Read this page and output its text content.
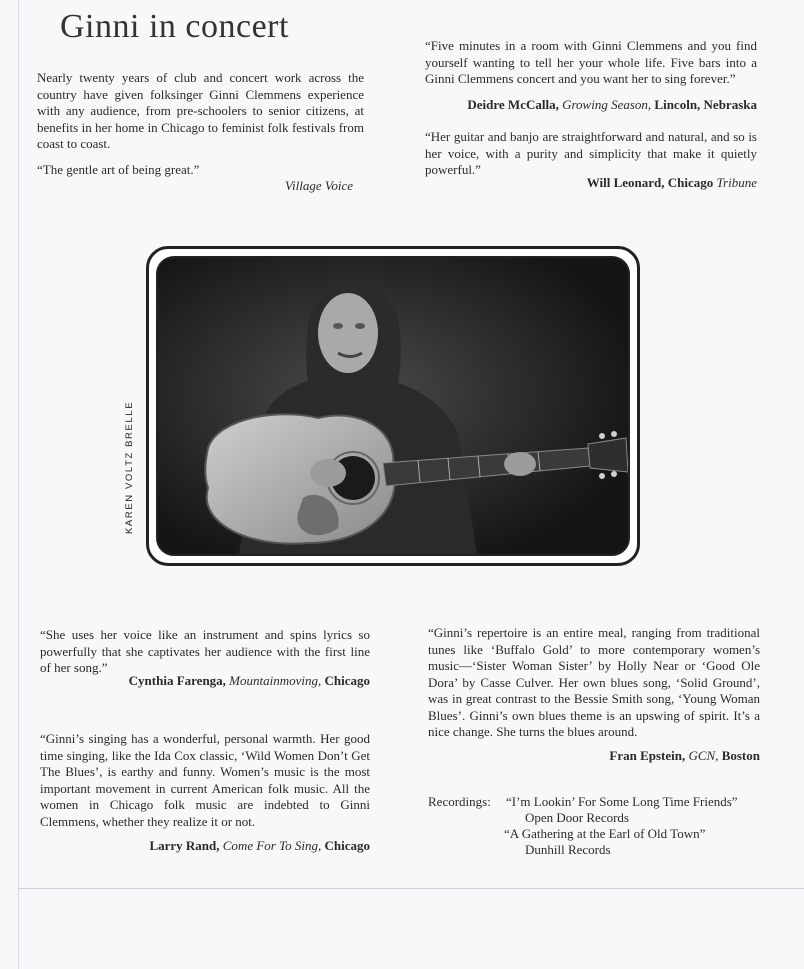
Ginni in concert

Nearly twenty years of club and concert work across the country have given folksinger Ginni Clemmens experience with any audience, from pre-schoolers to senior citizens, at benefits in her home in Chicago to feminist folk festivals from coast to coast.

“The gentle art of being great.”

Village Voice

“Five minutes in a room with Ginni Clemmens and you find yourself wanting to tell her your whole life. Five bars into a Ginni Clemmens concert and you want her to sing forever.”

Deidre McCalla, Growing Season, Lincoln, Nebraska

“Her guitar and banjo are straightforward and natural, and so is her voice, with a purity and simplicity that make it quietly powerful.”

Will Leonard, Chicago Tribune

KAREN VOLTZ BRELLE

“She uses her voice like an instrument and spins lyrics so powerfully that she captivates her audience with the first line of her song.”

Cynthia Farenga, Mountainmoving, Chicago

“Ginni’s singing has a wonderful, personal warmth. Her good time singing, like the Ida Cox classic, ‘Wild Women Don’t Get The Blues’, is earthy and funny. Women’s music is the most important movement in current American folk music. All the women in Chicago folk music are indebted to Ginni Clemmens, whether they realize it or not.

Larry Rand, Come For To Sing, Chicago

“Ginni’s repertoire is an entire meal, ranging from traditional tunes like ‘Buffalo Gold’ to more contemporary women’s music—‘Sister Woman Sister’ by Holly Near or ‘Good Ole Dora’ by Casse Culver. Her own blues song, ‘Solid Ground’, was in great contrast to the Bessie Smith song, ‘Young Woman Blues’. Ginni’s own blues theme is an upswing of spirit. It’s a nice change. She turns the blues around.

Fran Epstein, GCN, Boston

Recordings: “I’m Lookin’ For Some Long Time Friends”
Open Door Records
“A Gathering at the Earl of Old Town”
Dunhill Records
